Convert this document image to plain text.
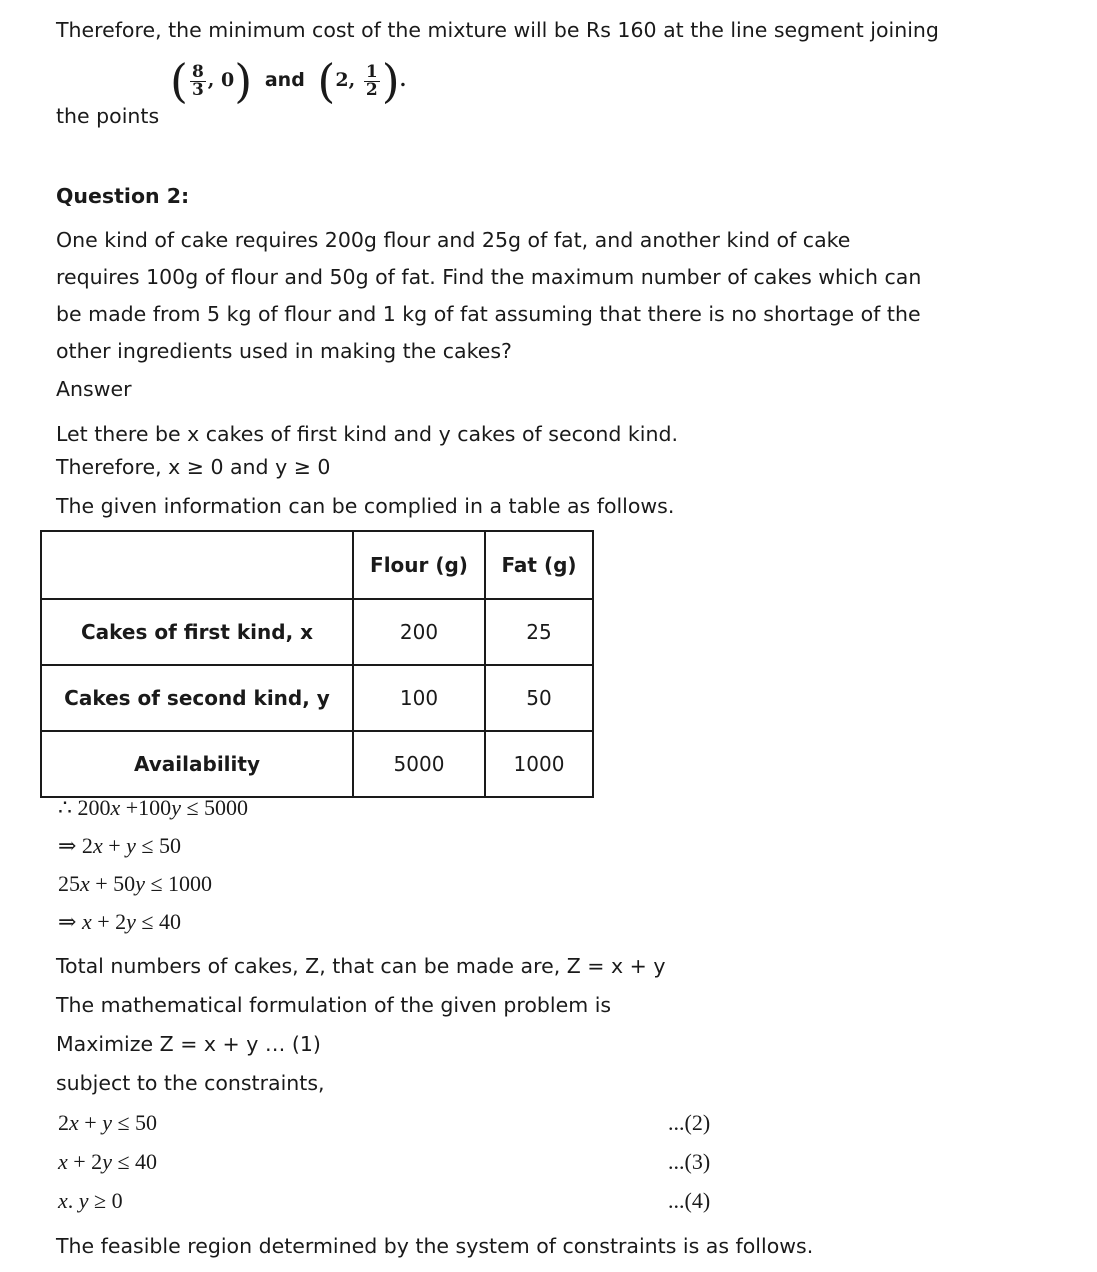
Therefore, the minimum cost of the mixture will be Rs 160 at the line segment joining
the points
( $\frac{8}{3}$ , 0) and (2, $\frac{1}{2}$ ).
Question 2:
One kind of cake requires 200g flour and 25g of fat, and another kind of cake
requires 100g of flour and 50g of fat. Find the maximum number of cakes which can
be made from 5 kg of flour and 1 kg of fat assuming that there is no shortage of the
other ingredients used in making the cakes?
Answer
Let there be x cakes of first kind and y cakes of second kind.
Therefore, x ≥ 0 and y ≥ 0
The given information can be complied in a table as follows.
	Flour (g)	Fat (g)
Cakes of first kind, x	200	25
Cakes of second kind, y	100	50
Availability	5000	1000
∴ 200x +100y ≤ 5000
⇒ 2x + y ≤ 50
25x + 50y ≤ 1000
⇒ x + 2y ≤ 40
Total numbers of cakes, Z, that can be made are, Z = x + y
The mathematical formulation of the given problem is
Maximize Z = x + y … (1)
subject to the constraints,
2x + y ≤ 50	...(2)
x + 2y ≤ 40	...(3)
x. y ≥ 0	...(4)
The feasible region determined by the system of constraints is as follows.
